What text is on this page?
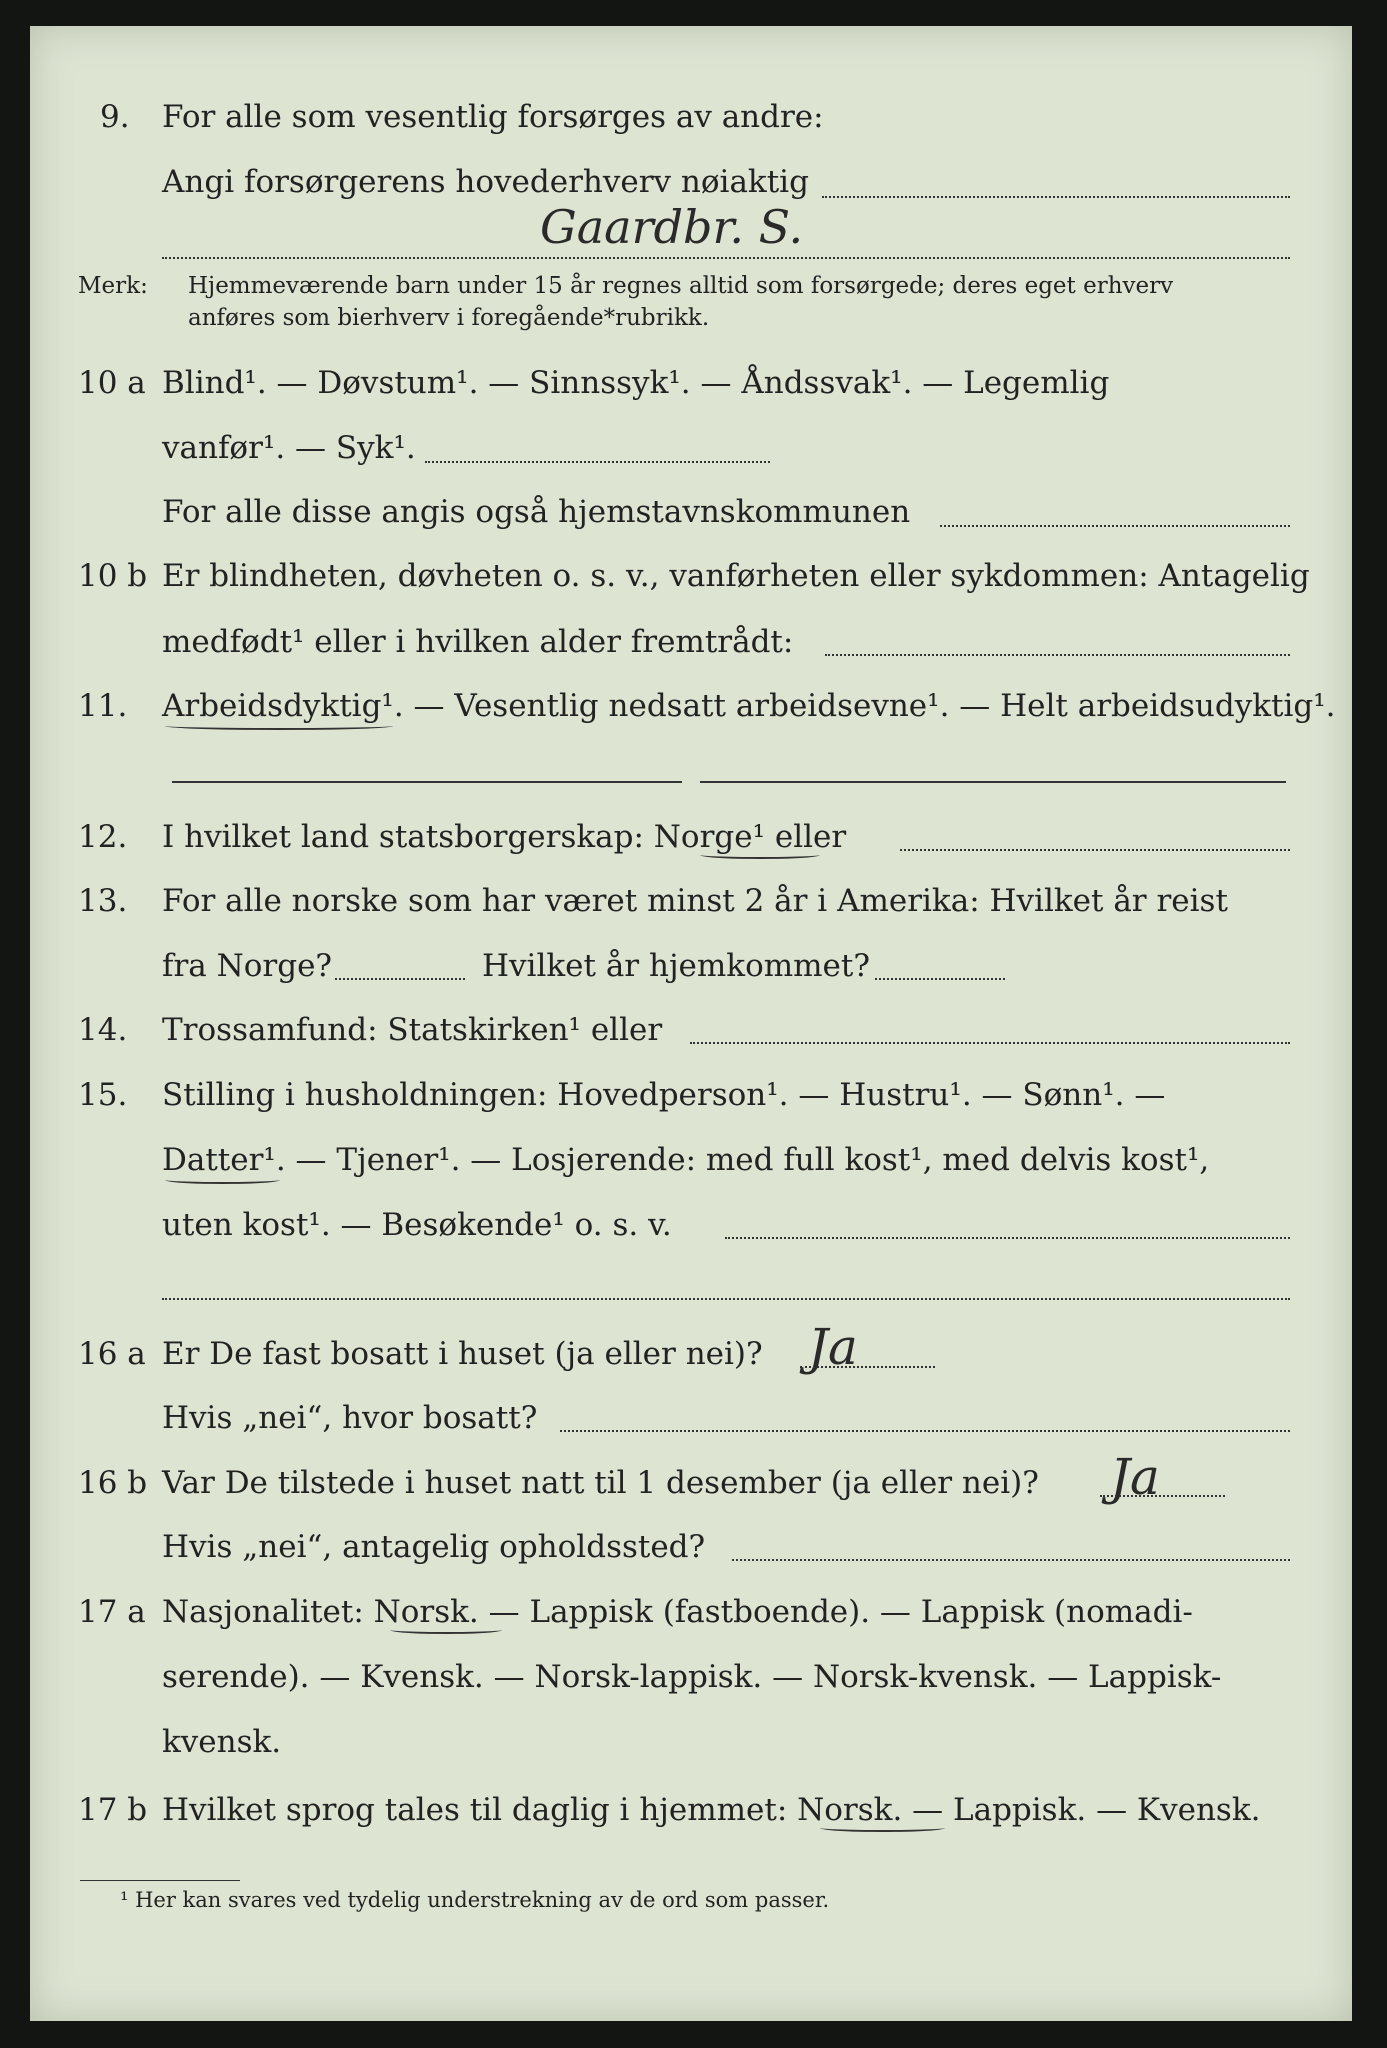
9. For alle som vesentlig forsørges av andre:
Angi forsørgerens hovederhverv nøiaktig
Gaardbr. S.
Merk: Hjemmeværende barn under 15 år regnes alltid som forsørgede; deres eget erhverv
anføres som bierhverv i foregående*rubrikk.
10 a Blind¹. — Døvstum¹. — Sinnssyk¹. — Åndssvak¹. — Legemlig
vanfør¹. — Syk¹.
For alle disse angis også hjemstavnskommunen
10 b Er blindheten, døvheten o. s. v., vanførheten eller sykdommen: Antagelig
medfødt¹ eller i hvilken alder fremtrådt:
11. Arbeidsdyktig¹. — Vesentlig nedsatt arbeidsevne¹. — Helt arbeidsudyktig¹.
12. I hvilket land statsborgerskap: Norge¹ eller
13. For alle norske som har været minst 2 år i Amerika: Hvilket år reist
fra Norge?	Hvilket år hjemkommet?
14. Trossamfund: Statskirken¹ eller
15. Stilling i husholdningen: Hovedperson¹. — Hustru¹. — Sønn¹. —
Datter¹. — Tjener¹. — Losjerende: med full kost¹, med delvis kost¹,
uten kost¹. — Besøkende¹ o. s. v.
16 a Er De fast bosatt i huset (ja eller nei)? Ja
Hvis „nei“, hvor bosatt?
16 b Var De tilstede i huset natt til 1 desember (ja eller nei)? Ja
Hvis „nei“, antagelig opholdssted?
17 a Nasjonalitet: Norsk. — Lappisk (fastboende). — Lappisk (nomadi-
serende). — Kvensk. — Norsk-lappisk. — Norsk-kvensk. — Lappisk-
kvensk.
17 b Hvilket sprog tales til daglig i hjemmet: Norsk. — Lappisk. — Kvensk.
¹ Her kan svares ved tydelig understrekning av de ord som passer.
